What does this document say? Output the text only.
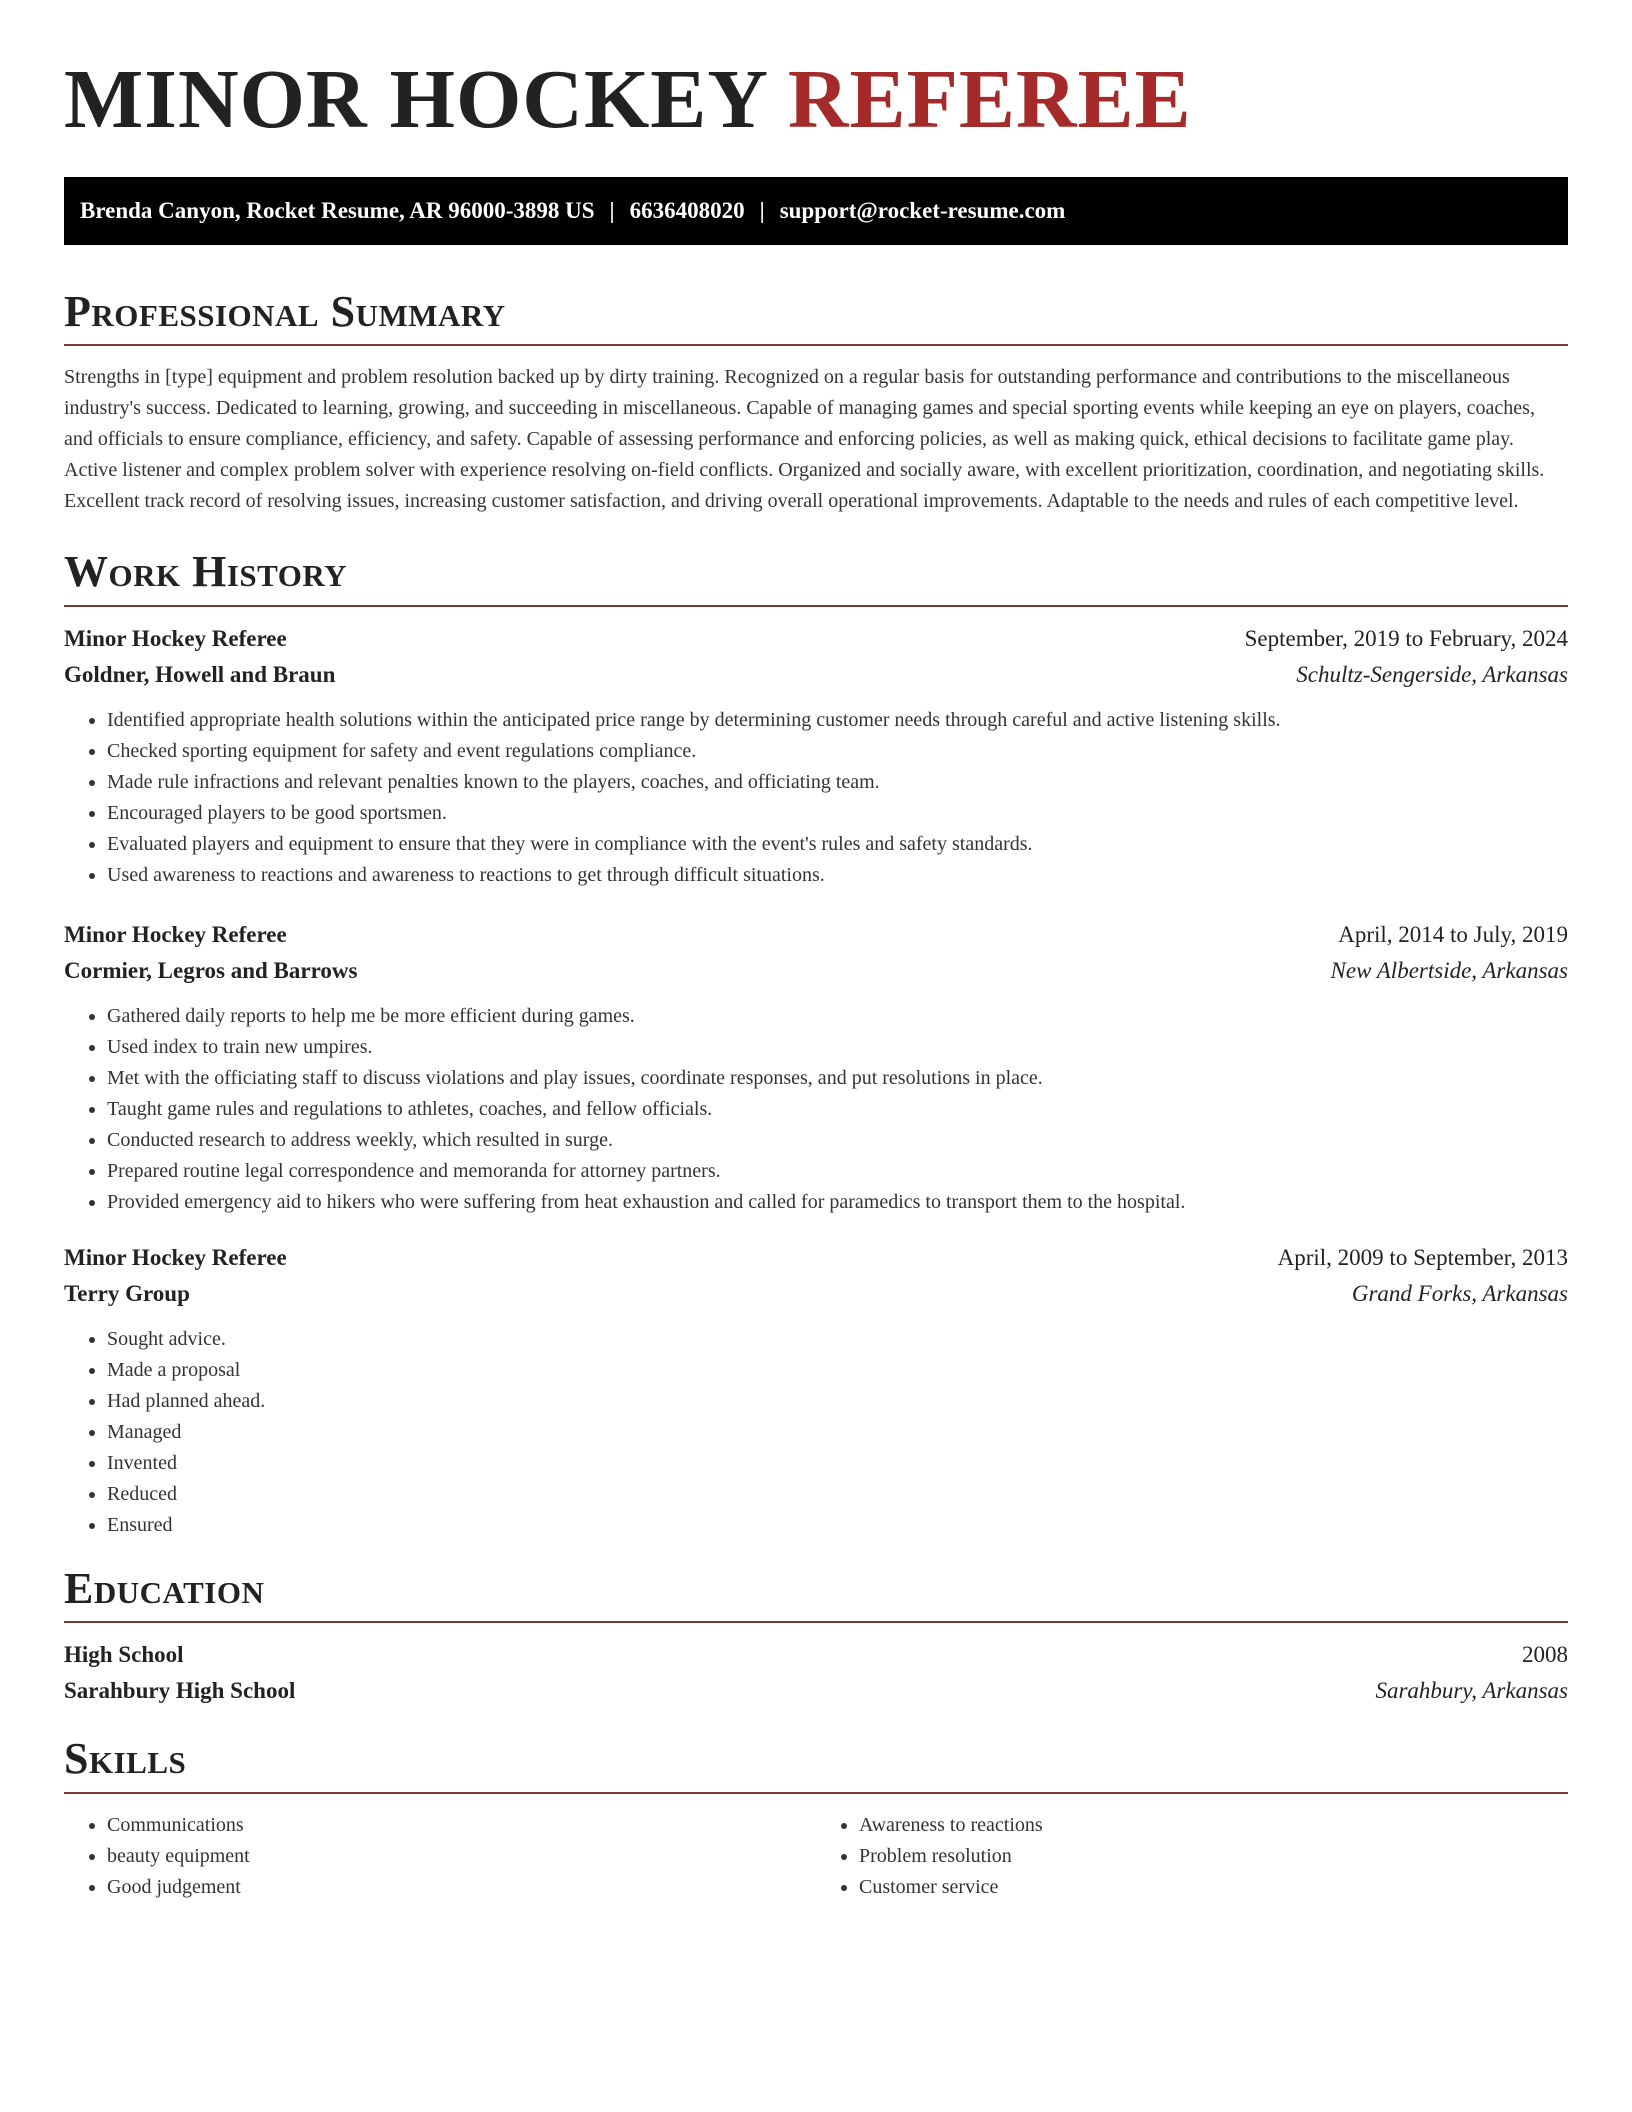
MINOR HOCKEY REFEREE
Brenda Canyon, Rocket Resume, AR 96000-3898 US | 6636408020 | support@rocket-resume.com
Professional Summary

Strengths in [type] equipment and problem resolution backed up by dirty training. Recognized on a regular basis for outstanding performance and contributions to the miscellaneous industry's success. Dedicated to learning, growing, and succeeding in miscellaneous. Capable of managing games and special sporting events while keeping an eye on players, coaches, and officials to ensure compliance, efficiency, and safety. Capable of assessing performance and enforcing policies, as well as making quick, ethical decisions to facilitate game play. Active listener and complex problem solver with experience resolving on-field conflicts. Organized and socially aware, with excellent prioritization, coordination, and negotiating skills. Excellent track record of resolving issues, increasing customer satisfaction, and driving overall operational improvements. Adaptable to the needs and rules of each competitive level.

Work History
Minor Hockey Referee	September, 2019 to February, 2024
Goldner, Howell and Braun	Schultz-Sengerside, Arkansas
• Identified appropriate health solutions within the anticipated price range by determining customer needs through careful and active listening skills.
• Checked sporting equipment for safety and event regulations compliance.
• Made rule infractions and relevant penalties known to the players, coaches, and officiating team.
• Encouraged players to be good sportsmen.
• Evaluated players and equipment to ensure that they were in compliance with the event's rules and safety standards.
• Used awareness to reactions and awareness to reactions to get through difficult situations.
Minor Hockey Referee	April, 2014 to July, 2019
Cormier, Legros and Barrows	New Albertside, Arkansas
• Gathered daily reports to help me be more efficient during games.
• Used index to train new umpires.
• Met with the officiating staff to discuss violations and play issues, coordinate responses, and put resolutions in place.
• Taught game rules and regulations to athletes, coaches, and fellow officials.
• Conducted research to address weekly, which resulted in surge.
• Prepared routine legal correspondence and memoranda for attorney partners.
• Provided emergency aid to hikers who were suffering from heat exhaustion and called for paramedics to transport them to the hospital.
Minor Hockey Referee	April, 2009 to September, 2013
Terry Group	Grand Forks, Arkansas
• Sought advice.
• Made a proposal
• Had planned ahead.
• Managed
• Invented
• Reduced
• Ensured
Education
High School	2008
Sarahbury High School	Sarahbury, Arkansas
Skills
• Communications
• beauty equipment
• Good judgement
• Awareness to reactions
• Problem resolution
• Customer service
